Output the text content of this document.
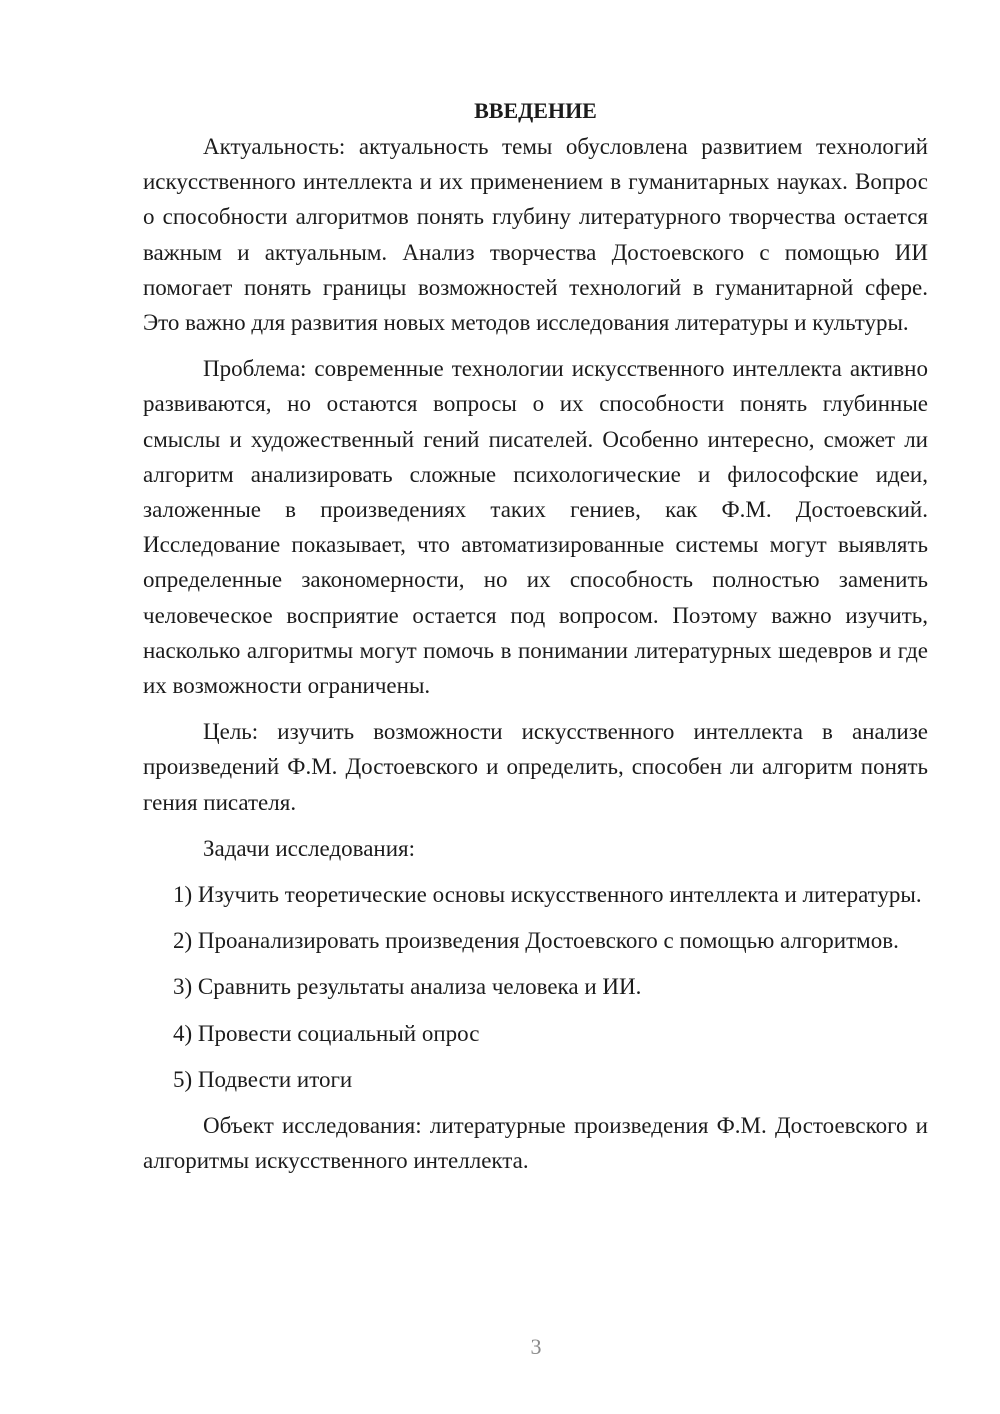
ВВЕДЕНИЕ

Актуальность: актуальность темы обусловлена развитием технологий искусственного интеллекта и их применением в гуманитарных науках. Вопрос о способности алгоритмов понять глубину литературного творчества остается важным и актуальным. Анализ творчества Достоевского с помощью ИИ помогает понять границы возможностей технологий в гуманитарной сфере. Это важно для развития новых методов исследования литературы и культуры.

Проблема: современные технологии искусственного интеллекта активно развиваются, но остаются вопросы о их способности понять глубинные смыслы и художественный гений писателей. Особенно интересно, сможет ли алгоритм анализировать сложные психологические и философские идеи, заложенные в произведениях таких гениев, как Ф.М. Достоевский. Исследование показывает, что автоматизированные системы могут выявлять определенные закономерности, но их способность полностью заменить человеческое восприятие остается под вопросом. Поэтому важно изучить, насколько алгоритмы могут помочь в понимании литературных шедевров и где их возможности ограничены.

Цель: изучить возможности искусственного интеллекта в анализе произведений Ф.М. Достоевского и определить, способен ли алгоритм понять гения писателя.

Задачи исследования:

1) Изучить теоретические основы искусственного интеллекта и литературы.

2) Проанализировать произведения Достоевского с помощью алгоритмов.

3) Сравнить результаты анализа человека и ИИ.

4) Провести социальный опрос

5) Подвести итоги

Объект исследования: литературные произведения Ф.М. Достоевского и алгоритмы искусственного интеллекта.

3
